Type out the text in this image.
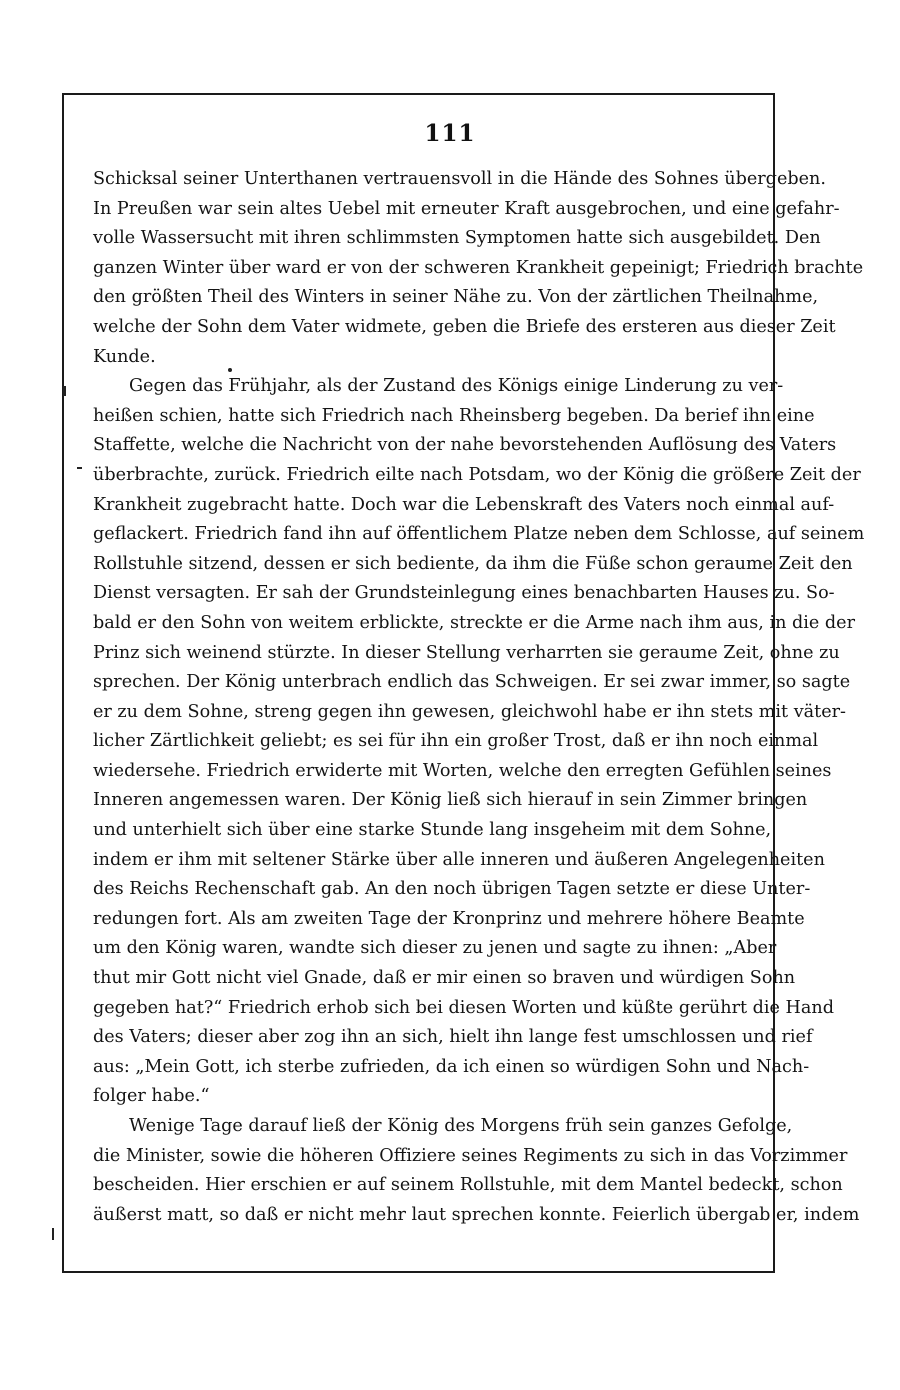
111
Schicksal seiner Unterthanen vertrauensvoll in die Hände des Sohnes übergeben.
In Preußen war sein altes Uebel mit erneuter Kraft ausgebrochen, und eine gefahr-
volle Wassersucht mit ihren schlimmsten Symptomen hatte sich ausgebildet. Den
ganzen Winter über ward er von der schweren Krankheit gepeinigt; Friedrich brachte
den größten Theil des Winters in seiner Nähe zu. Von der zärtlichen Theilnahme,
welche der Sohn dem Vater widmete, geben die Briefe des ersteren aus dieser Zeit
Kunde.
Gegen das Frühjahr, als der Zustand des Königs einige Linderung zu ver-
heißen schien, hatte sich Friedrich nach Rheinsberg begeben. Da berief ihn eine
Staffette, welche die Nachricht von der nahe bevorstehenden Auflösung des Vaters
überbrachte, zurück. Friedrich eilte nach Potsdam, wo der König die größere Zeit der
Krankheit zugebracht hatte. Doch war die Lebenskraft des Vaters noch einmal auf-
geflackert. Friedrich fand ihn auf öffentlichem Platze neben dem Schlosse, auf seinem
Rollstuhle sitzend, dessen er sich bediente, da ihm die Füße schon geraume Zeit den
Dienst versagten. Er sah der Grundsteinlegung eines benachbarten Hauses zu. So-
bald er den Sohn von weitem erblickte, streckte er die Arme nach ihm aus, in die der
Prinz sich weinend stürzte. In dieser Stellung verharrten sie geraume Zeit, ohne zu
sprechen. Der König unterbrach endlich das Schweigen. Er sei zwar immer, so sagte
er zu dem Sohne, streng gegen ihn gewesen, gleichwohl habe er ihn stets mit väter-
licher Zärtlichkeit geliebt; es sei für ihn ein großer Trost, daß er ihn noch einmal
wiedersehe. Friedrich erwiderte mit Worten, welche den erregten Gefühlen seines
Inneren angemessen waren. Der König ließ sich hierauf in sein Zimmer bringen
und unterhielt sich über eine starke Stunde lang insgeheim mit dem Sohne,
indem er ihm mit seltener Stärke über alle inneren und äußeren Angelegenheiten
des Reichs Rechenschaft gab. An den noch übrigen Tagen setzte er diese Unter-
redungen fort. Als am zweiten Tage der Kronprinz und mehrere höhere Beamte
um den König waren, wandte sich dieser zu jenen und sagte zu ihnen: „Aber
thut mir Gott nicht viel Gnade, daß er mir einen so braven und würdigen Sohn
gegeben hat?“ Friedrich erhob sich bei diesen Worten und küßte gerührt die Hand
des Vaters; dieser aber zog ihn an sich, hielt ihn lange fest umschlossen und rief
aus: „Mein Gott, ich sterbe zufrieden, da ich einen so würdigen Sohn und Nach-
folger habe.“
Wenige Tage darauf ließ der König des Morgens früh sein ganzes Gefolge,
die Minister, sowie die höheren Offiziere seines Regiments zu sich in das Vorzimmer
bescheiden. Hier erschien er auf seinem Rollstuhle, mit dem Mantel bedeckt, schon
äußerst matt, so daß er nicht mehr laut sprechen konnte. Feierlich übergab er, indem
